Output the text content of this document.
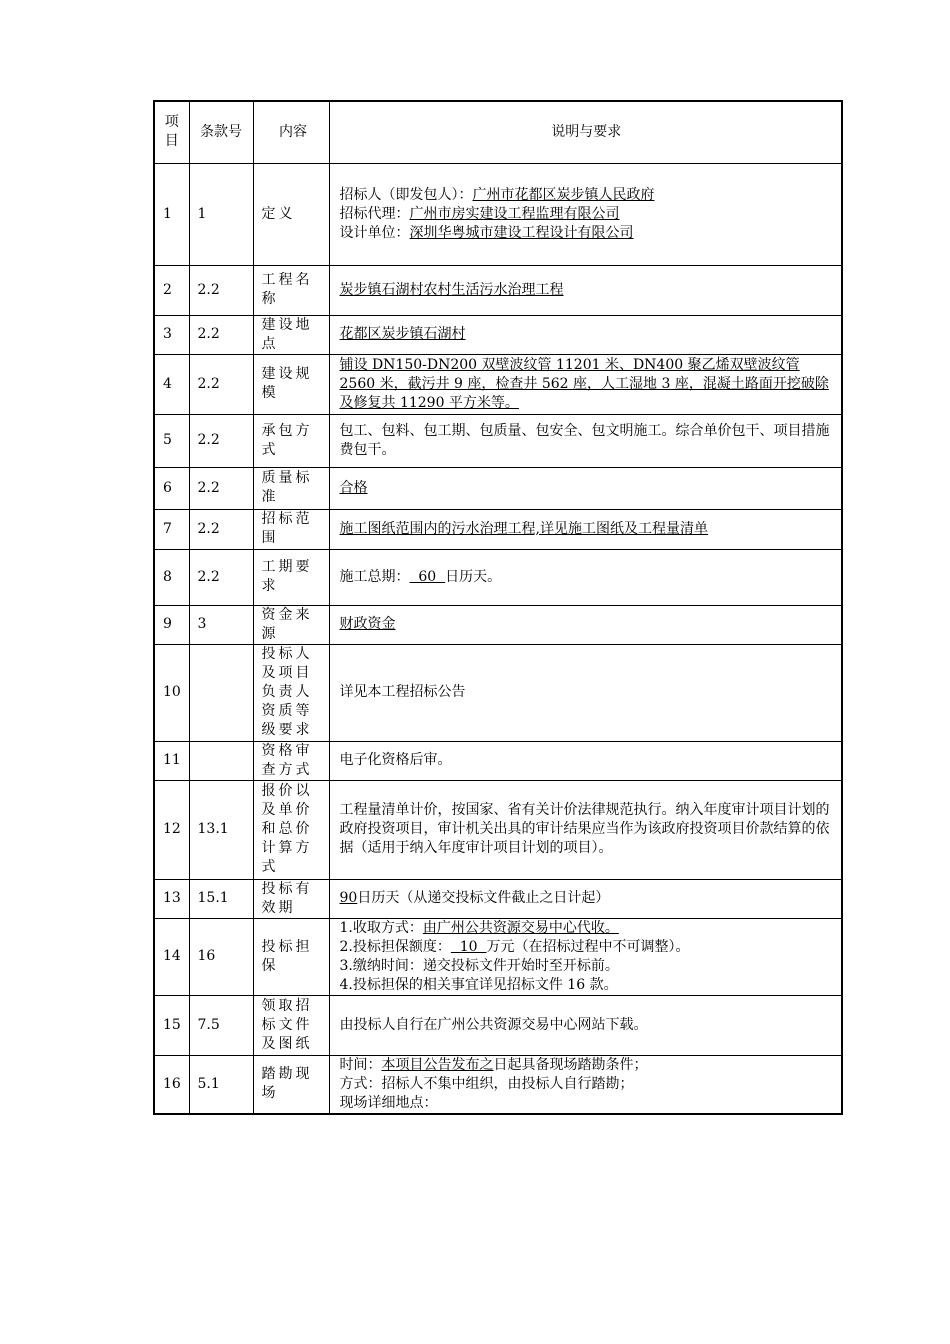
项目	条款号	内容	说明与要求
1	1	定义	招标人（即发包人）：广州市花都区炭步镇人民政府
招标代理：广州市房实建设工程监理有限公司
设计单位：深圳华粤城市建设工程设计有限公司

2	2.2	工程名称	炭步镇石湖村农村生活污水治理工程
3	2.2	建设地点	花都区炭步镇石湖村
4	2.2	建设规模	铺设 DN150-DN200 双壁波纹管 11201 米、DN400 聚乙烯双壁波纹管 2560 米，截污井 9 座，检查井 562 座，人工湿地 3 座，混凝土路面开挖破除及修复共 11290 平方米等。
5	2.2	承包方式	包工、包料、包工期、包质量、包安全、包文明施工。综合单价包干、项目措施费包干。
6	2.2	质量标准	合格
7	2.2	招标范围	施工图纸范围内的污水治理工程,详见施工图纸及工程量清单
8	2.2	工期要求	施工总期：  60  日历天。
9	3	资金来源	财政资金
10		投标人及项目负责人资质等级要求	详见本工程招标公告
11		资格审查方式	电子化资格后审。
12	13.1	报价以及单价和总价计算方式	工程量清单计价，按国家、省有关计价法律规范执行。纳入年度审计项目计划的政府投资项目，审计机关出具的审计结果应当作为该政府投资项目价款结算的依据（适用于纳入年度审计项目计划的项目）。
13	15.1	投标有效期	90日历天（从递交投标文件截止之日计起）
14	16	投标担保	1.收取方式：由广州公共资源交易中心代收。
2.投标担保额度：  10  万元（在招标过程中不可调整）。
3.缴纳时间：递交投标文件开始时至开标前。
4.投标担保的相关事宜详见招标文件 16 款。

15	7.5	领取招标文件及图纸	由投标人自行在广州公共资源交易中心网站下载。
16	5.1	踏勘现场	时间：本项目公告发布之日起具备现场踏勘条件；
方式：招标人不集中组织，由投标人自行踏勘；
现场详细地点：
